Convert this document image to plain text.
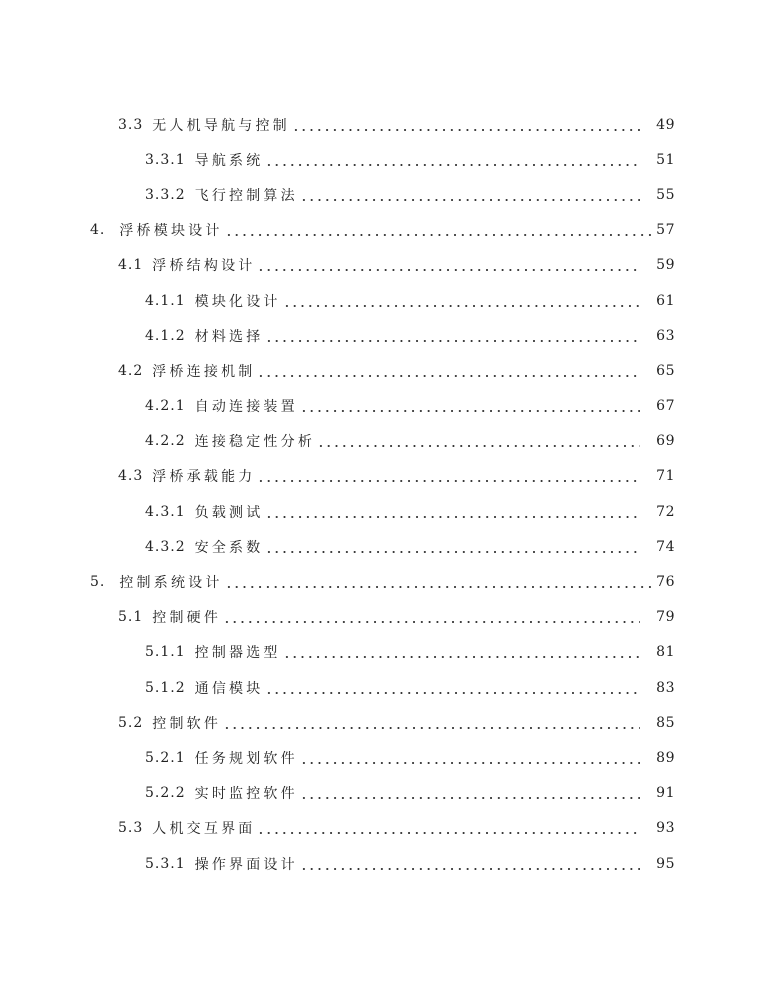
3.3 无人机导航与控制	49
3.3.1 导航系统	51
3.3.2 飞行控制算法	55
4. 浮桥模块设计	57
4.1 浮桥结构设计	59
4.1.1 模块化设计	61
4.1.2 材料选择	63
4.2 浮桥连接机制	65
4.2.1 自动连接装置	67
4.2.2 连接稳定性分析	69
4.3 浮桥承载能力	71
4.3.1 负载测试	72
4.3.2 安全系数	74
5. 控制系统设计	76
5.1 控制硬件	79
5.1.1 控制器选型	81
5.1.2 通信模块	83
5.2 控制软件	85
5.2.1 任务规划软件	89
5.2.2 实时监控软件	91
5.3 人机交互界面	93
5.3.1 操作界面设计	95
